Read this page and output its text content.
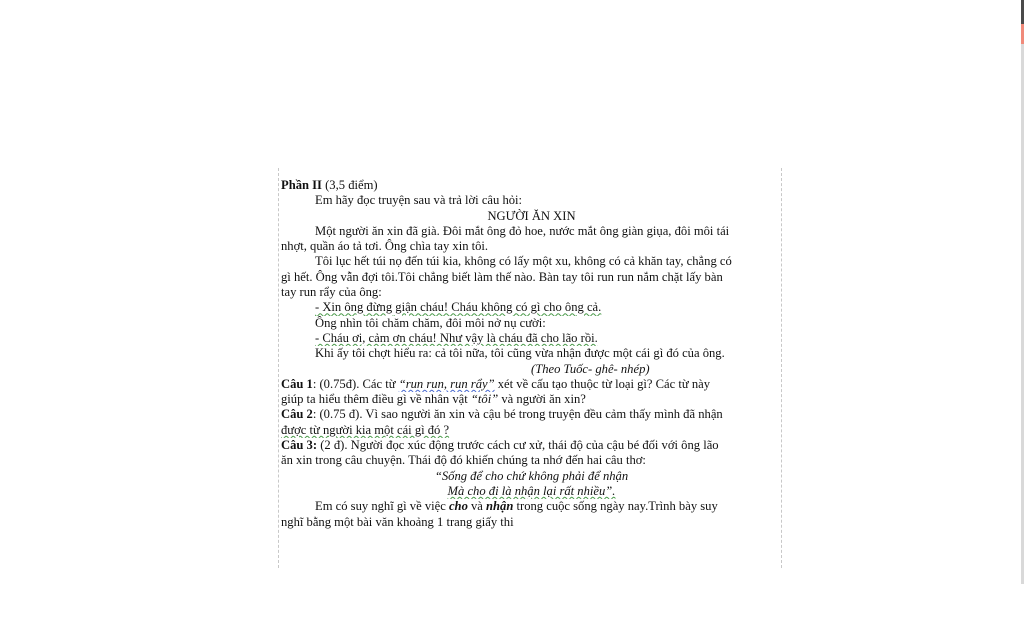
Phần II (3,5 điểm)
Em hãy đọc truyện sau và trả lời câu hỏi:
NGƯỜI ĂN XIN
Một người ăn xin đã già. Đôi mắt ông đỏ hoe, nước mắt ông giàn giụa, đôi môi tái
nhợt, quần áo tả tơi. Ông chìa tay xin tôi.
Tôi lục hết túi nọ đến túi kia, không có lấy một xu, không có cả khăn tay, chẳng có
gì hết. Ông vẫn đợi tôi.Tôi chẳng biết làm thế nào. Bàn tay tôi run run nắm chặt lấy bàn
tay run rẩy của ông:
- Xin ông đừng giận cháu! Cháu không có gì cho ông cả.
Ông nhìn tôi chăm chăm, đôi môi nở nụ cười:
- Cháu ơi, cảm ơn cháu! Như vậy là cháu đã cho lão rồi.
Khi ấy tôi chợt hiểu ra: cả tôi nữa, tôi cũng vừa nhận được một cái gì đó của ông.
(Theo Tuốc- ghê- nhép)
Câu 1: (0.75đ). Các từ “run run, run rẩy” xét về cấu tạo thuộc từ loại gì? Các từ này
giúp ta hiểu thêm điều gì về nhân vật “tôi” và người ăn xin?
Câu 2: (0.75 đ). Vì sao người ăn xin và cậu bé trong truyện đều cảm thấy mình đã nhận
được từ người kia một cái gì đó ?
Câu 3: (2 đ). Người đọc xúc động trước cách cư xử, thái độ của cậu bé đối với ông lão
ăn xin trong câu chuyện. Thái độ đó khiến chúng ta nhớ đến hai câu thơ:
“Sống để cho chứ không phải để nhận
Mà cho đi là nhận lại rất nhiều”.
Em có suy nghĩ gì về việc cho và nhận trong cuộc sống ngày nay.Trình bày suy
nghĩ bằng một bài văn khoảng 1 trang giấy thi
